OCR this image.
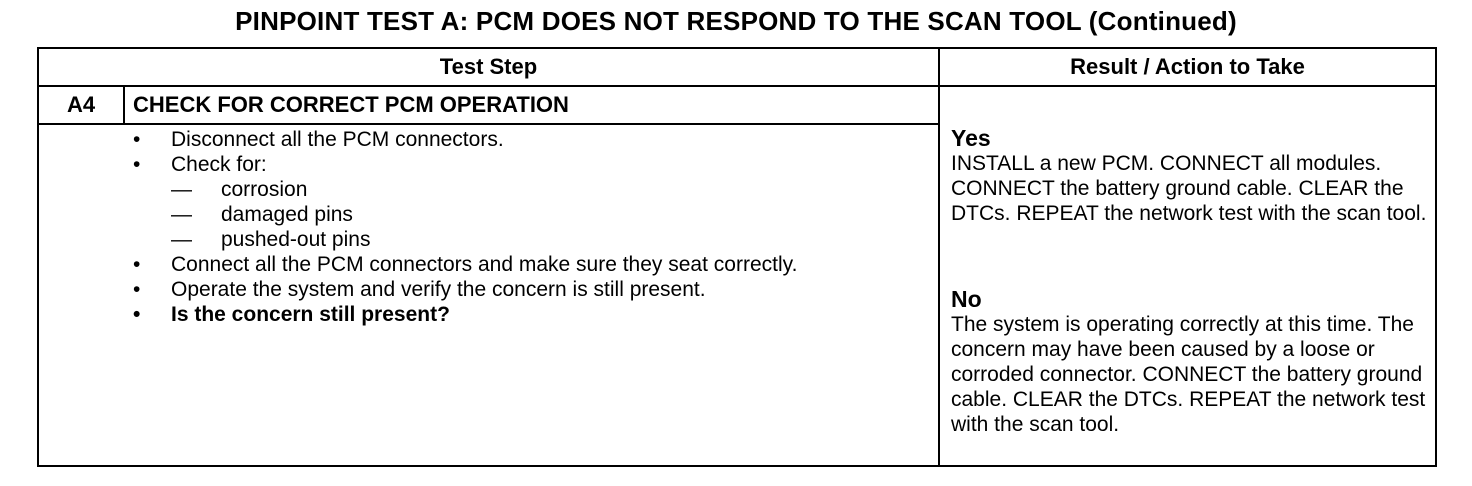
PINPOINT TEST A: PCM DOES NOT RESPOND TO THE SCAN TOOL (Continued)
Test Step	Result / Action to Take
A4	CHECK FOR CORRECT PCM OPERATION
• Disconnect all the PCM connectors.
• Check for:
— corrosion
— damaged pins
— pushed-out pins
• Connect all the PCM connectors and make sure they seat correctly.
• Operate the system and verify the concern is still present.
• Is the concern still present?
Yes
INSTALL a new PCM. CONNECT all modules. CONNECT the battery ground cable. CLEAR the DTCs. REPEAT the network test with the scan tool.
No
The system is operating correctly at this time. The concern may have been caused by a loose or corroded connector. CONNECT the battery ground cable. CLEAR the DTCs. REPEAT the network test with the scan tool.
